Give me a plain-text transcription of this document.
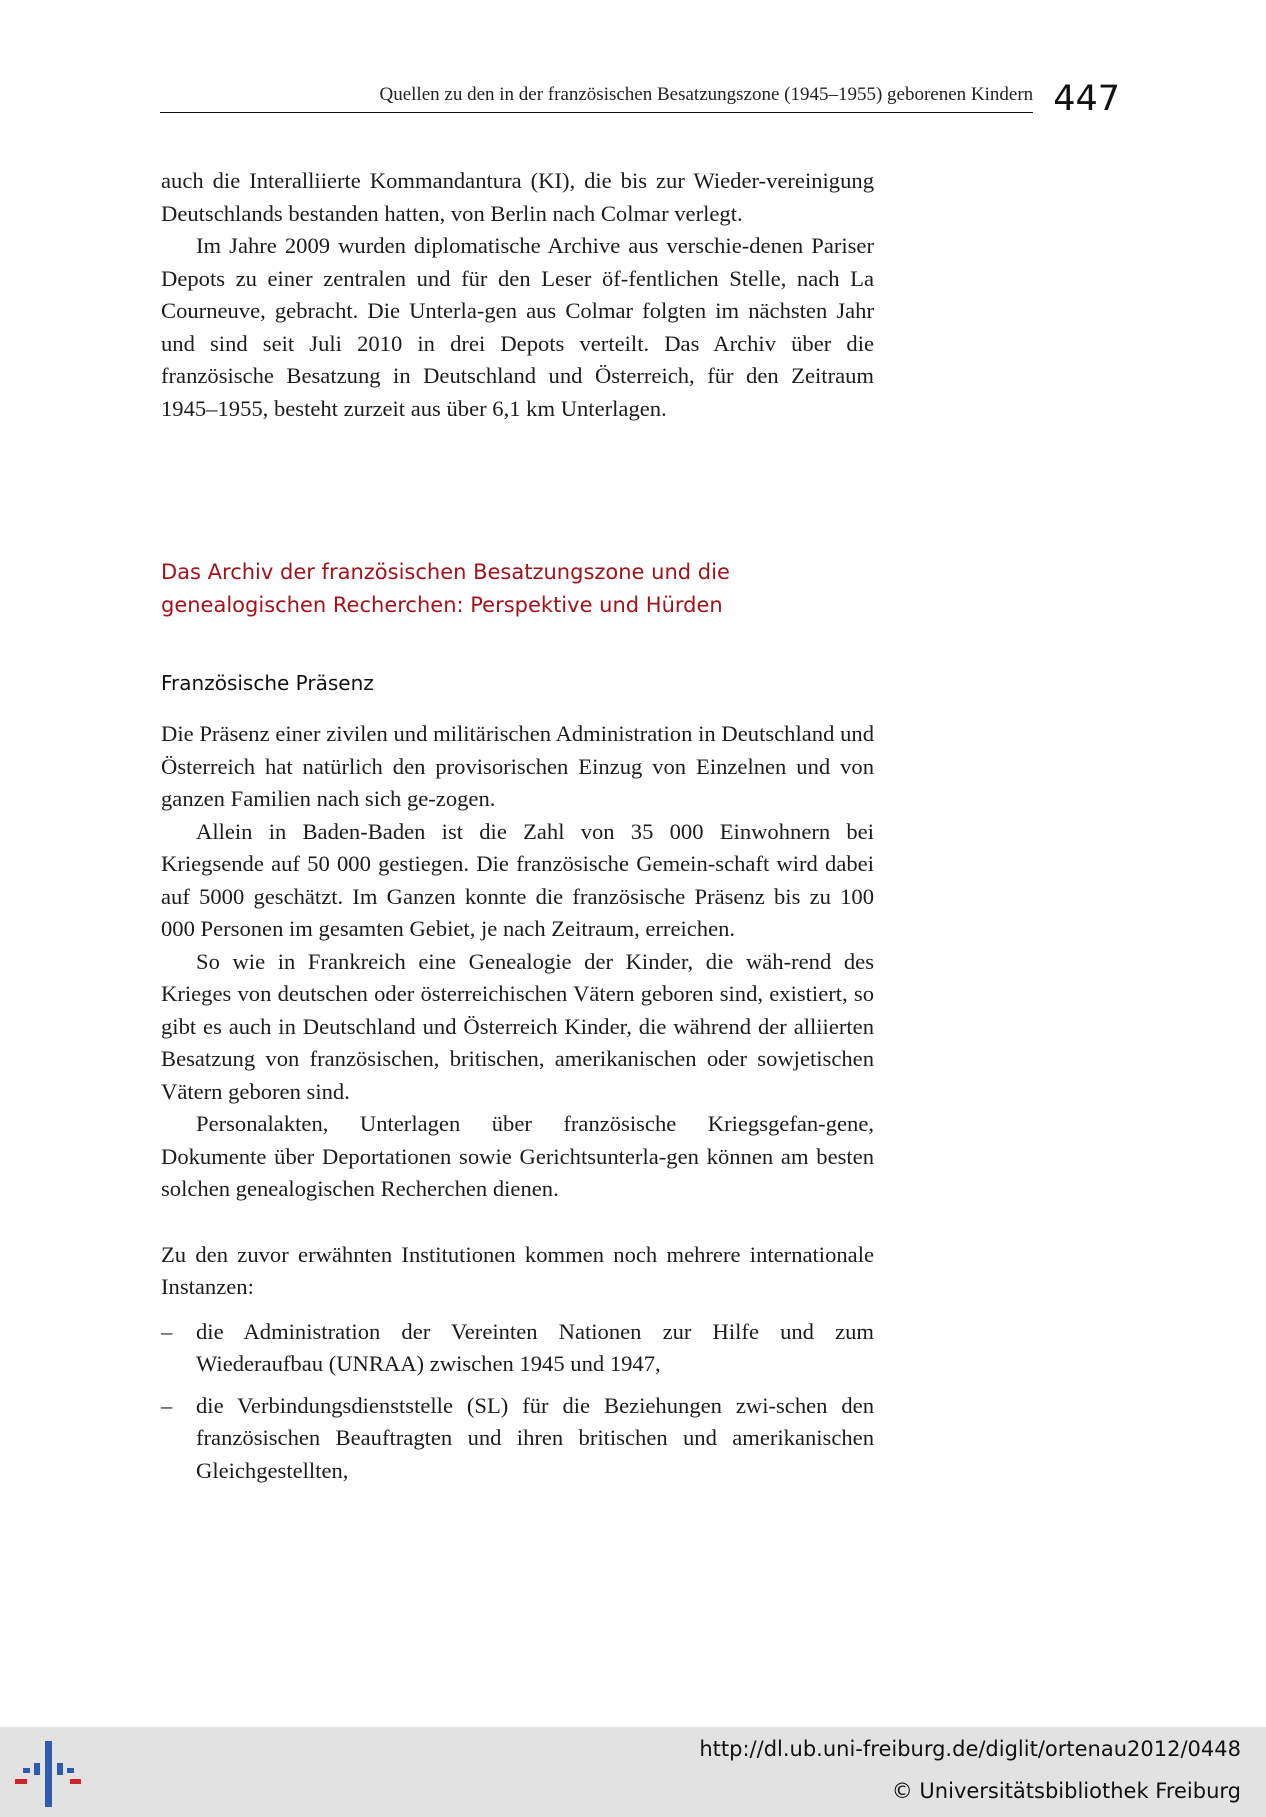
Quellen zu den in der französischen Besatzungszone (1945–1955) geborenen Kindern 447

auch die Interalliierte Kommandantura (KI), die bis zur Wieder-vereinigung Deutschlands bestanden hatten, von Berlin nach Colmar verlegt.

Im Jahre 2009 wurden diplomatische Archive aus verschie-denen Pariser Depots zu einer zentralen und für den Leser öf-fentlichen Stelle, nach La Courneuve, gebracht. Die Unterla-gen aus Colmar folgten im nächsten Jahr und sind seit Juli 2010 in drei Depots verteilt. Das Archiv über die französische Besatzung in Deutschland und Österreich, für den Zeitraum 1945–1955, besteht zurzeit aus über 6,1 km Unterlagen.

Das Archiv der französischen Besatzungszone und die genealogischen Recherchen: Perspektive und Hürden
Französische Präsenz

Die Präsenz einer zivilen und militärischen Administration in Deutschland und Österreich hat natürlich den provisorischen Einzug von Einzelnen und von ganzen Familien nach sich ge-zogen.

Allein in Baden-Baden ist die Zahl von 35 000 Einwohnern bei Kriegsende auf 50 000 gestiegen. Die französische Gemein-schaft wird dabei auf 5000 geschätzt. Im Ganzen konnte die französische Präsenz bis zu 100 000 Personen im gesamten Gebiet, je nach Zeitraum, erreichen.

So wie in Frankreich eine Genealogie der Kinder, die wäh-rend des Krieges von deutschen oder österreichischen Vätern geboren sind, existiert, so gibt es auch in Deutschland und Österreich Kinder, die während der alliierten Besatzung von französischen, britischen, amerikanischen oder sowjetischen Vätern geboren sind.

Personalakten, Unterlagen über französische Kriegsgefan-gene, Dokumente über Deportationen sowie Gerichtsunterla-gen können am besten solchen genealogischen Recherchen dienen.

Zu den zuvor erwähnten Institutionen kommen noch mehrere internationale Instanzen:

– die Administration der Vereinten Nationen zur Hilfe und zum Wiederaufbau (UNRAA) zwischen 1945 und 1947,
– die Verbindungsdienststelle (SL) für die Beziehungen zwi-schen den französischen Beauftragten und ihren britischen und amerikanischen Gleichgestellten,
http://dl.ub.uni-freiburg.de/diglit/ortenau2012/0448
© Universitätsbibliothek Freiburg
